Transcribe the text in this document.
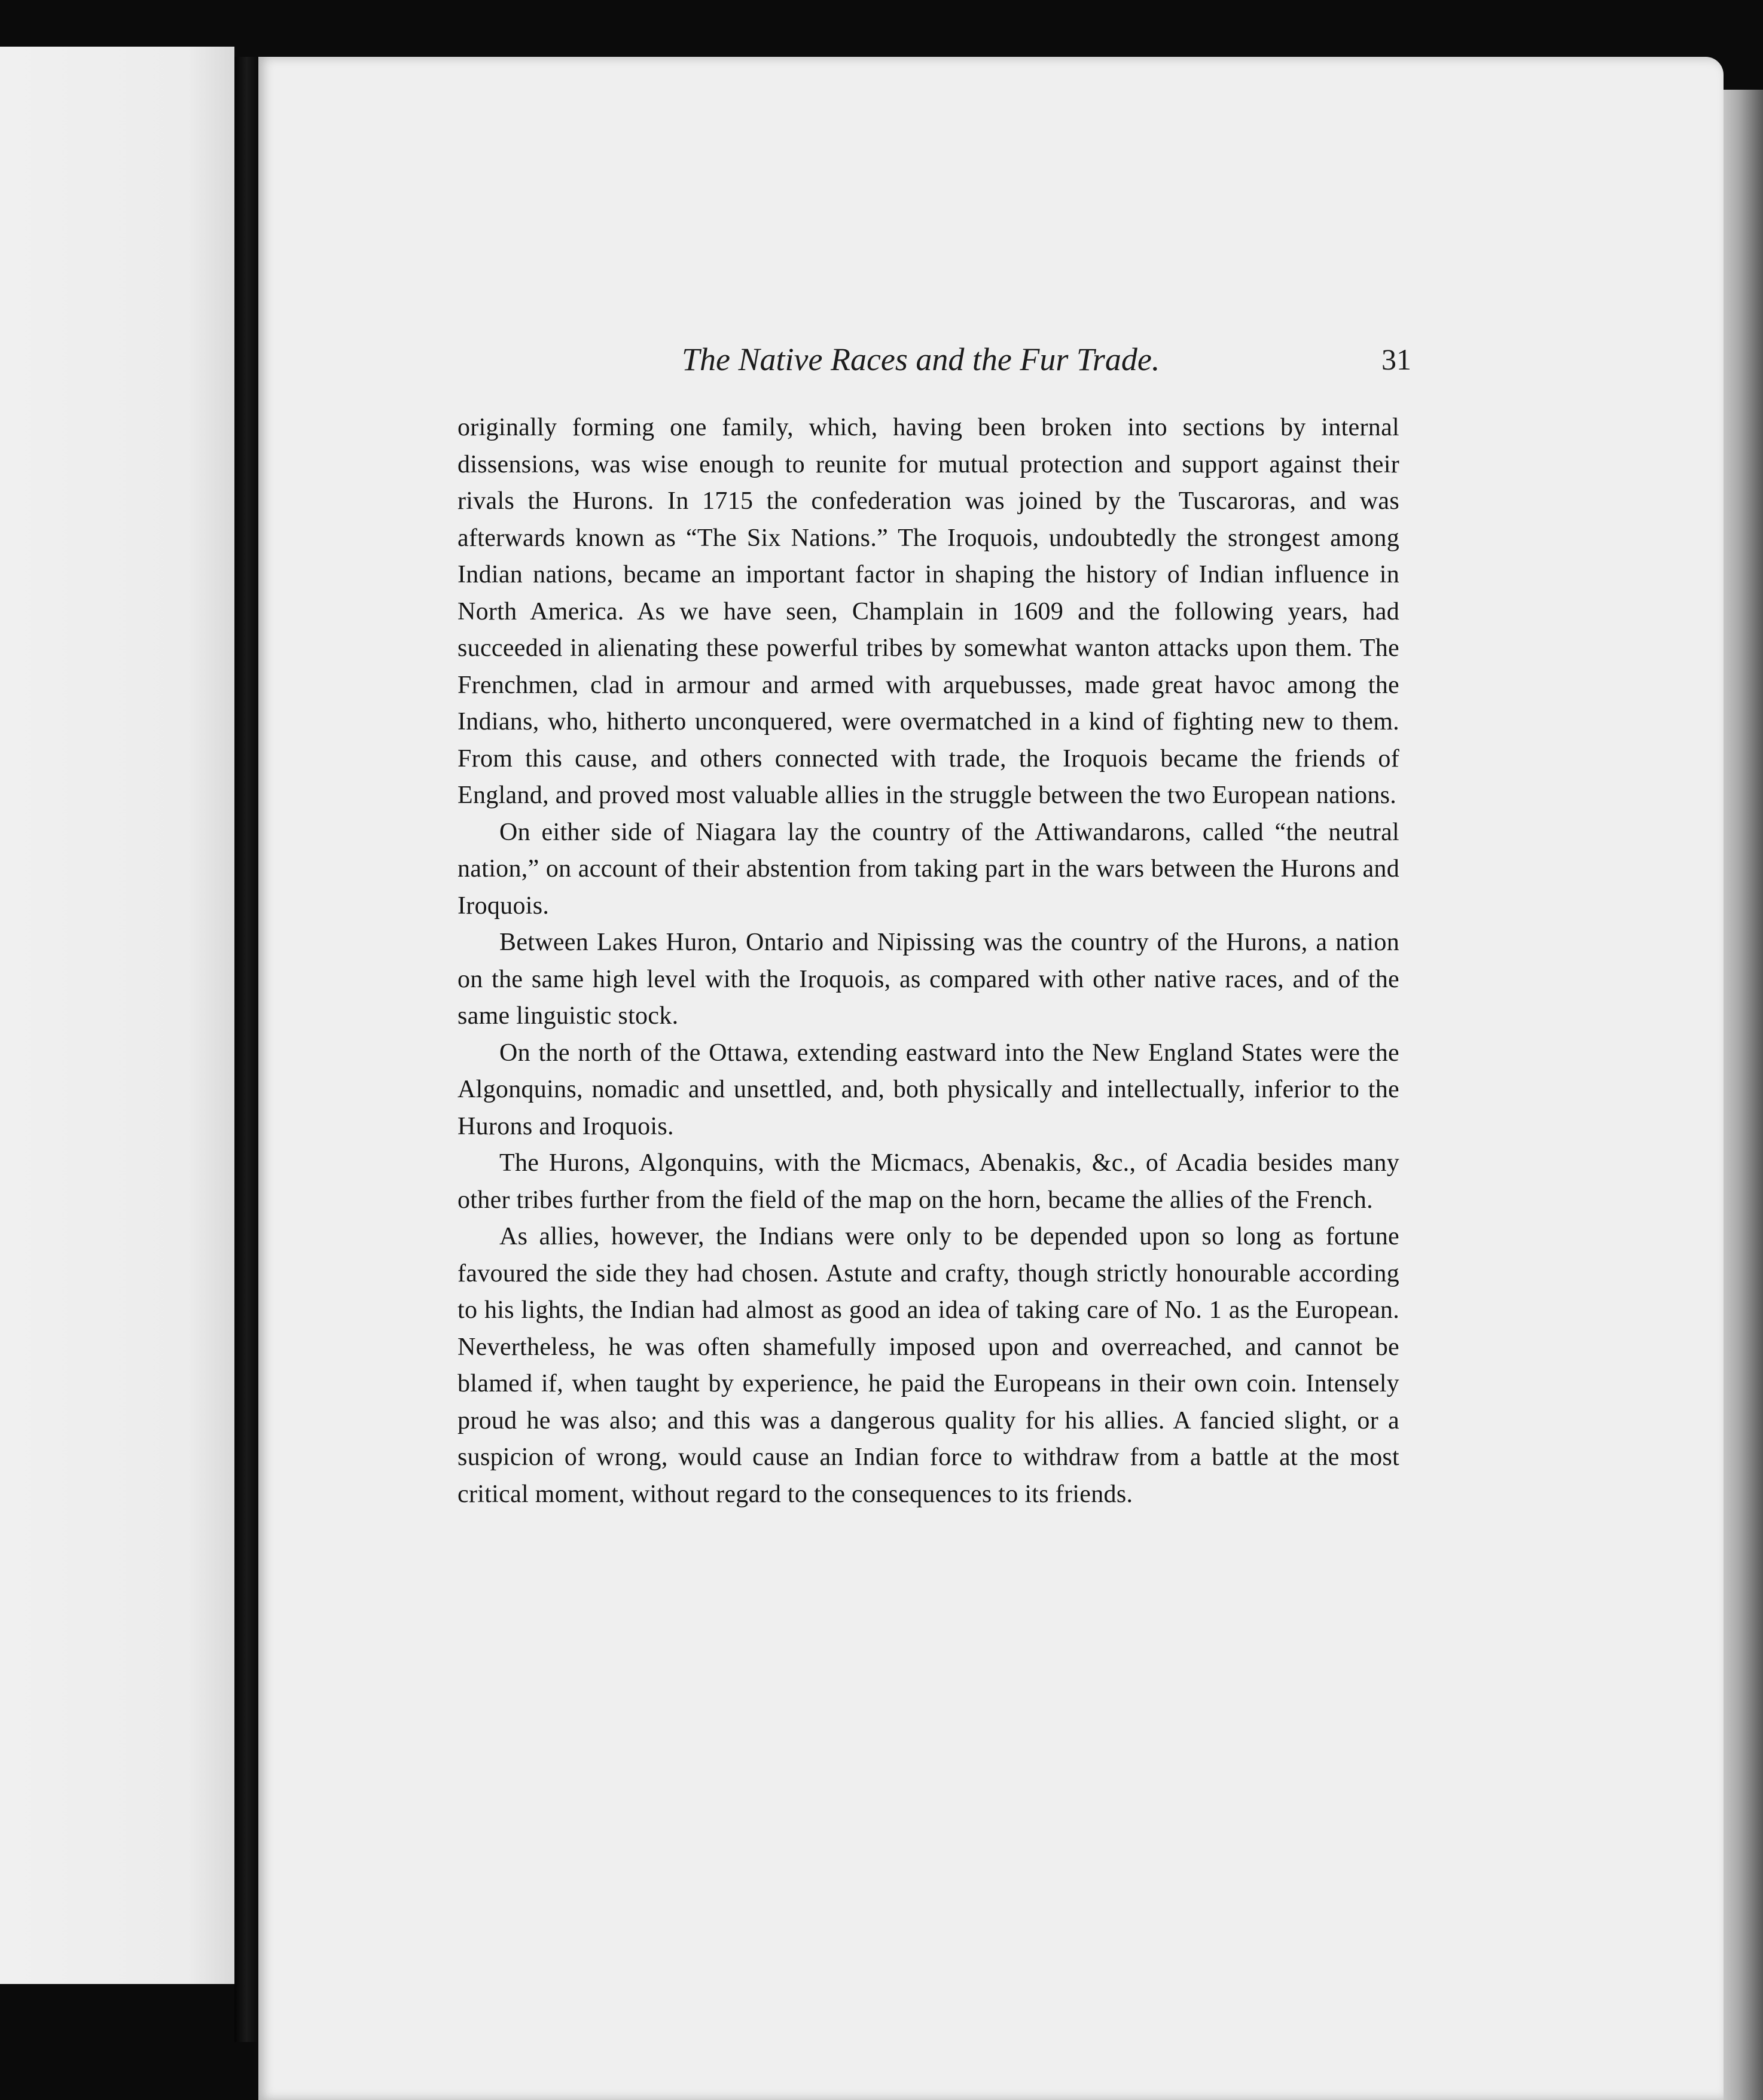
The Native Races and the Fur Trade.	31

originally forming one family, which, having been broken into sections by internal dissensions, was wise enough to reunite for mutual protection and support against their rivals the Hurons. In 1715 the confederation was joined by the Tuscaroras, and was afterwards known as “The Six Nations.” The Iroquois, undoubtedly the strongest among Indian nations, became an important factor in shaping the history of Indian influence in North America. As we have seen, Champlain in 1609 and the following years, had succeeded in alienating these powerful tribes by somewhat wanton attacks upon them. The Frenchmen, clad in armour and armed with arquebusses, made great havoc among the Indians, who, hitherto unconquered, were overmatched in a kind of fighting new to them. From this cause, and others connected with trade, the Iroquois became the friends of England, and proved most valuable allies in the struggle between the two European nations.

On either side of Niagara lay the country of the Attiwandarons, called “the neutral nation,” on account of their abstention from taking part in the wars between the Hurons and Iroquois.

Between Lakes Huron, Ontario and Nipissing was the country of the Hurons, a nation on the same high level with the Iroquois, as compared with other native races, and of the same linguistic stock.

On the north of the Ottawa, extending eastward into the New England States were the Algonquins, nomadic and unsettled, and, both physically and intellectually, inferior to the Hurons and Iroquois.

The Hurons, Algonquins, with the Micmacs, Abenakis, &c., of Acadia besides many other tribes further from the field of the map on the horn, became the allies of the French.

As allies, however, the Indians were only to be depended upon so long as fortune favoured the side they had chosen. Astute and crafty, though strictly honourable according to his lights, the Indian had almost as good an idea of taking care of No. 1 as the European. Nevertheless, he was often shamefully imposed upon and overreached, and cannot be blamed if, when taught by experience, he paid the Europeans in their own coin. Intensely proud he was also; and this was a dangerous quality for his allies. A fancied slight, or a suspicion of wrong, would cause an Indian force to withdraw from a battle at the most critical moment, without regard to the consequences to its friends.
